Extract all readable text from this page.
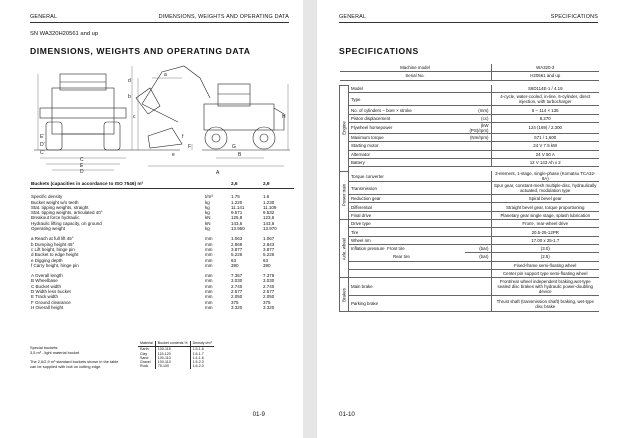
GENERAL	DIMENSIONS, WEIGHTS AND OPERATING DATA
SN WA320H20561 and up
DIMENSIONS, WEIGHTS AND OPERATING DATA
C
E
D
C'
D'
E'
B
A
H
F	G
a
b
c
d
e
f
Buckets (capacities in accordance to ISO 7546) m³		2,6	2,9

Specific density	t/m³	1.75	1.6
Bucket weight w/o teeth	kg	1.220	1.230
Stat. tipping weights, straight	kg	11.141	11.109
Stat. tipping weights, articulated 40°	kg	9.571	9.532
Breakout force hydraulic	kN	125,8	123,6
Hydraulic lifting capacity, on ground	kN	143,6	143,6
Operating weight	kg	13.950	13.970

a Reach at full lift 45°	mm	1.063	1.067
b Dumping height 45°	mm	2.868	2.843
c Lift height, hinge pin	mm	3.877	3.877
d Bucket to edge height	mm	5.226	5.226
e Digging depth	mm	63	63
f Carry height, hinge pin	mm	390	390

A Overall length	mm	7.357	7.376
B Wheelbase	mm	3.030	3.030
C Bucket width	mm	2.740	2.740
D Width less bucket	mm	2.577	2.577
E Track width	mm	2.050	2.050
F Ground clearance	mm	375	375
H Overall height	mm	3.320	3.320
Special buckets:
3,5 m³ - light material bucket
The 2,6/2,9 m³ standard buckets shown in the table can be supplied with bolt on cutting edge.
Material	Bucket contents %	Density t/m³
Earth	100-115	1.5-1.6
Clay	115-120	1.5-1.7
Sand	100-110	1.4-1.6
Gravel	100-110	1.5-2.0
Rock	75-100	1.6-2.0
01-9
GENERAL	SPECIFICATIONS
SPECIFICATIONS
Machine model			WA320-3
Serial No.			H20561 and up

Engine	Model		S6D114E-1 / 4.19
	Type		4-cycle, water-cooled, in-line, 6-cylinder, direct injection, with turbocharger
	No. of cylinders – bore × stroke	(mm)	6 – 114 × 135
	Piston displacement	(cc)	8,270
	Flywheel horsepower	(kW (PS)/rpm)	124 (169) / 2,300
	Maximum torque	(Nm/rpm)	671 / 1,600
	Starting motor		24 V 7.5 kW
	Alternator		24 V 50 A
	Battery		12 V 143 Ah x 2

Power train	Torque converter		3-element, 1-stage, single-phase (Komatsu TCA32-8A)
	Transmission		Spur gear, constant-mesh multiple-disc, hydraulically actuated, modulation type
	Reduction gear		Spiral bevel gear
	Differential		Straight bevel gear, torque proportioning
	Final drive		Planetary gear single stage, splash lubrication

Axle, wheel	Drive type		Front-, rear-wheel drive
	Tire		20.5-25-12PR
	Wheel rim		17.00 x 25-1.7
	Inflation pressure Front tire	(bar)	(3.0)
	Rear tire	(bar)	(2.5)
			Fixed-frame semi-floating wheel
			Center pin support type semi-floating wheel

Brakes	Main brake		Front/rear wheel independent braking,wet-type sealed disc brakes with hydraulic power-doubling device
	Parking brake		Thrust shaft (transmission shaft) braking, wet-type disc brake
01-10
